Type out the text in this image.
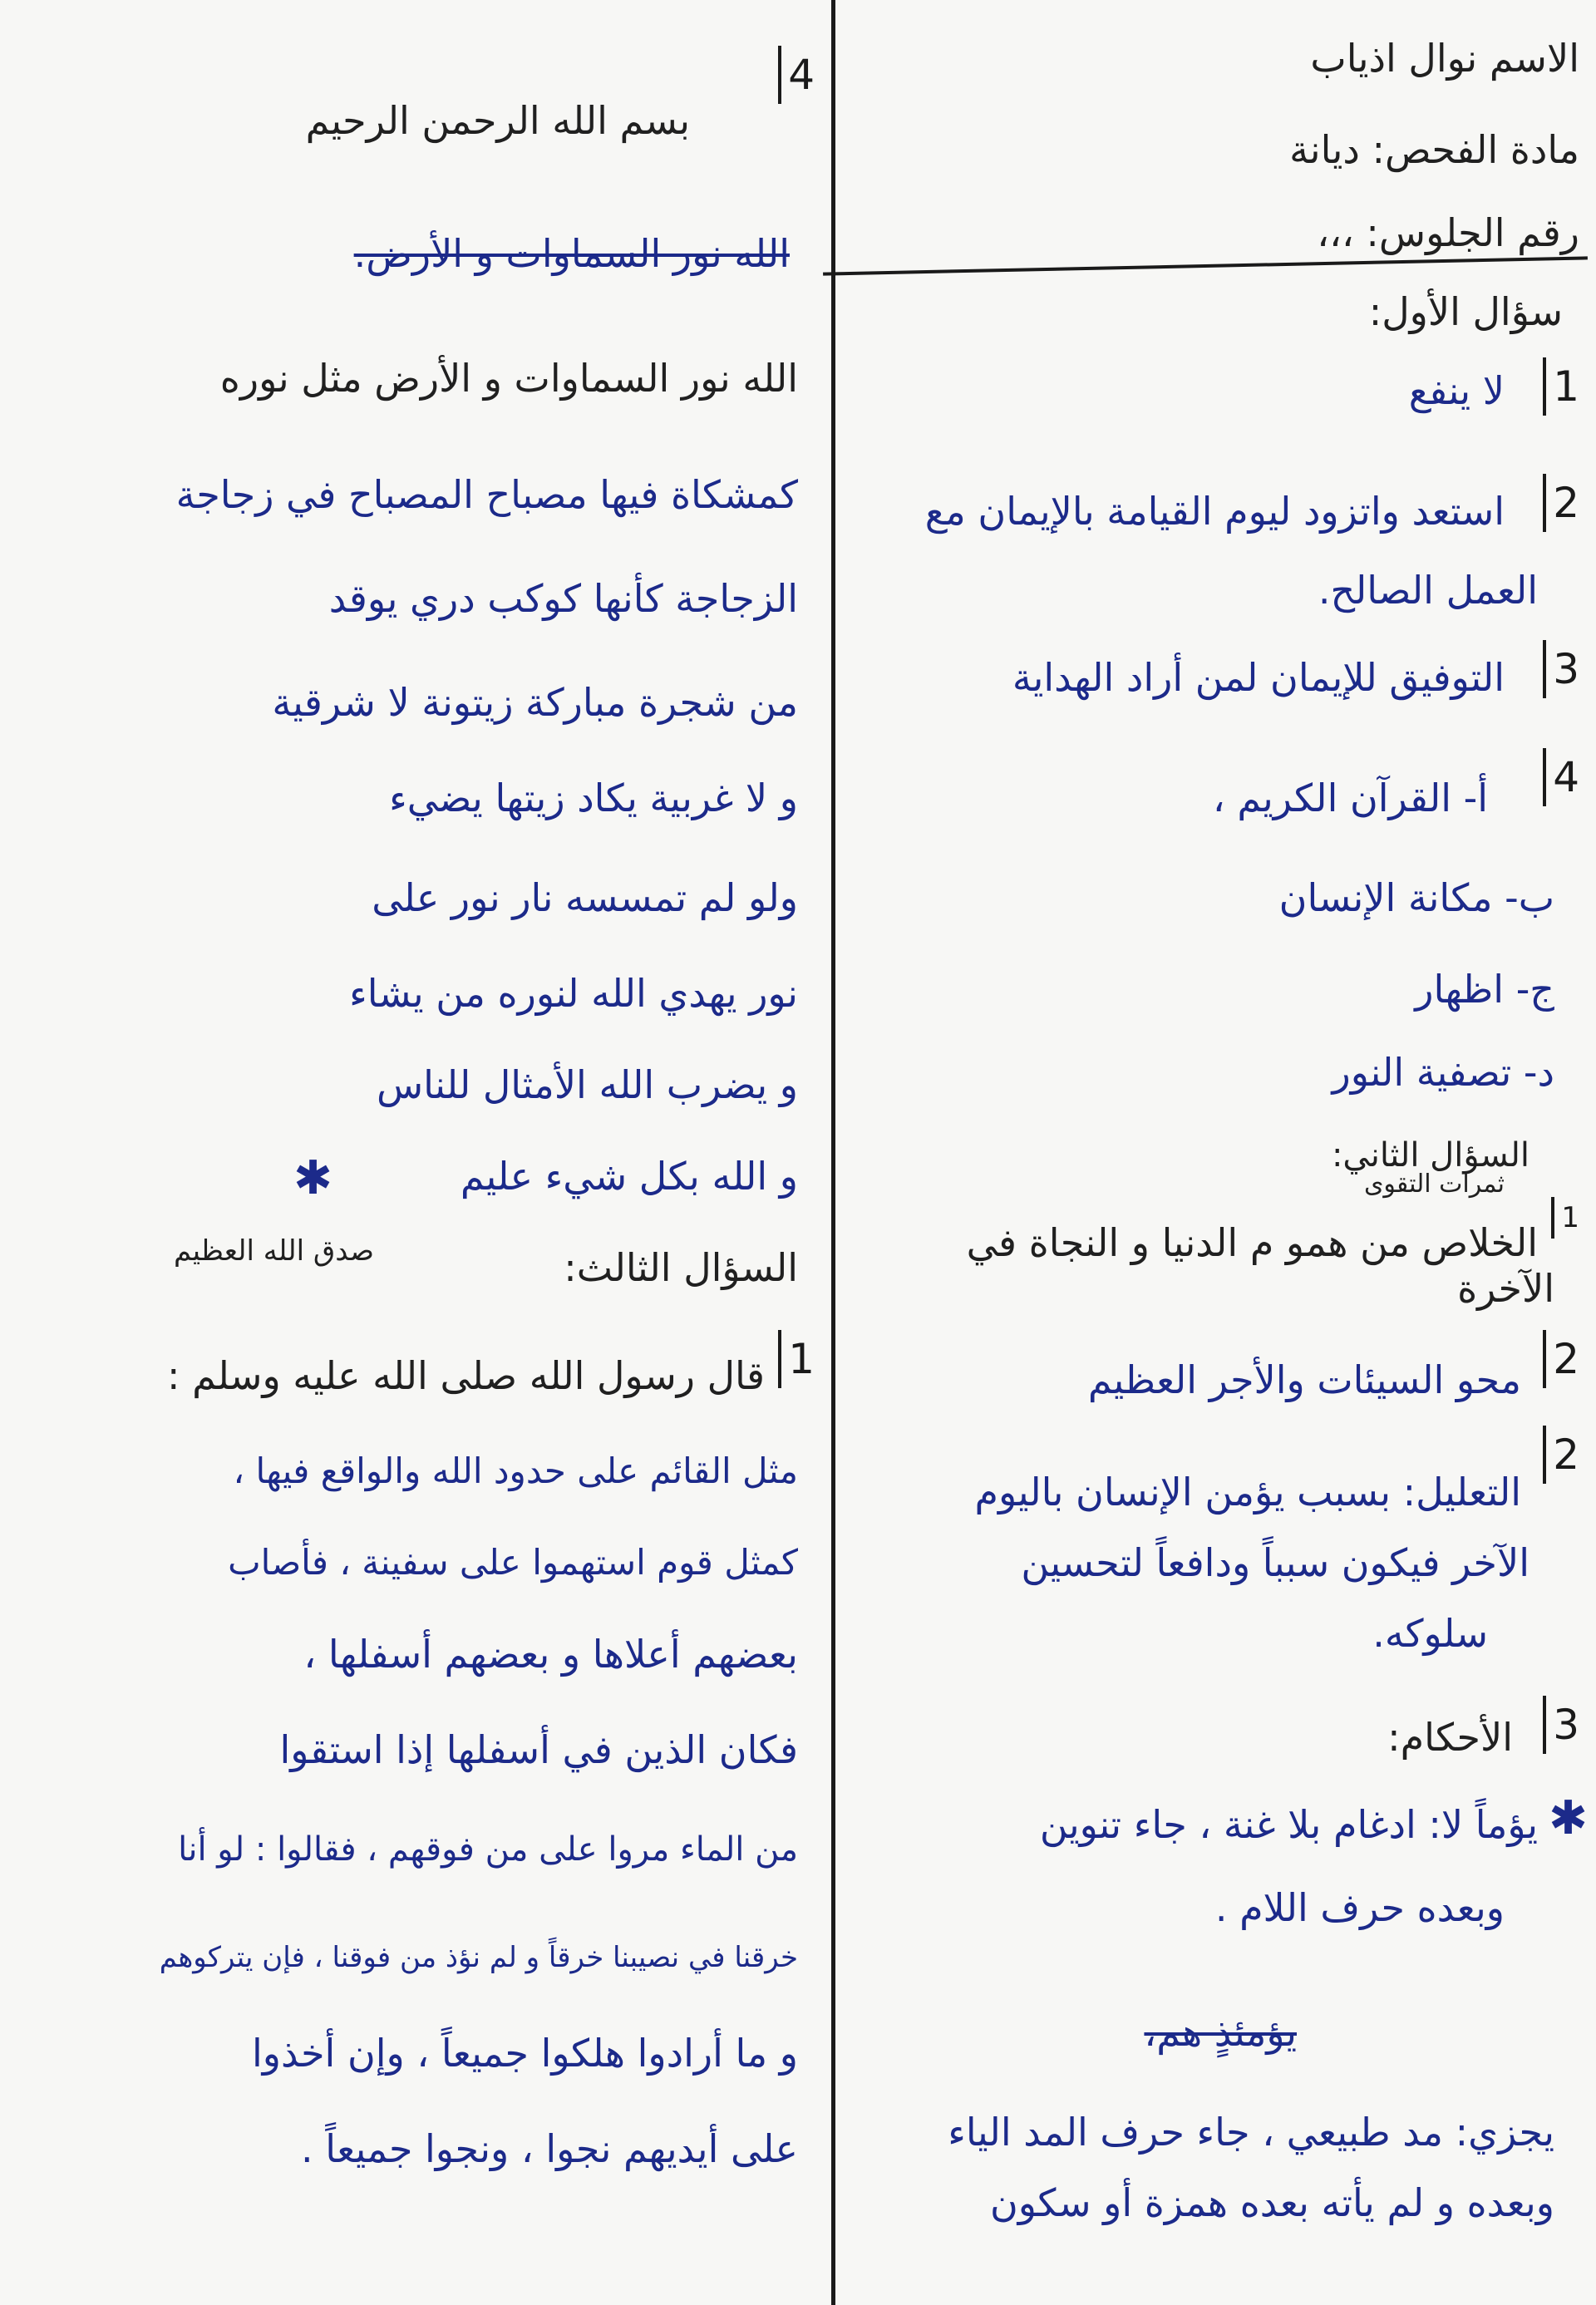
الاسم نوال اذياب
مادة الفحص: ديانة
رقم الجلوس: ،،،
سؤال الأول:
1
لا ينفع
2
استعد واتزود ليوم القيامة بالإيمان مع
العمل الصالح.
3
التوفيق للإيمان لمن أراد الهداية
4
أ- القرآن الكريم ،
ب- مكانة الإنسان
ج- اظهار
د- تصفية النور
السؤال الثاني:
ثمرات التقوى
1
الخلاص من همو م الدنيا و النجاة في
الآخرة
2
محو السيئات والأجر العظيم
2
التعليل: بسبب يؤمن الإنسان باليوم
الآخر فيكون سبباً ودافعاً لتحسين
سلوكه.
3
الأحكام:
✱
يؤماً لا: ادغام بلا غنة ، جاء تنوين
وبعده حرف اللام .
يؤمئذٍ هم،
يجزي: مد طبيعي ، جاء حرف المد الياء
وبعده و لم يأته بعده همزة أو سكون
4
بسم الله الرحمن الرحيم
الله نور السماوات و الأرض.
الله نور السماوات و الأرض مثل نوره
كمشكاة فيها مصباح المصباح في زجاجة
الزجاجة كأنها كوكب دري يوقد
من شجرة مباركة زيتونة لا شرقية
و لا غربية يكاد زيتها يضيء
ولو لم تمسسه نار نور على
نور يهدي الله لنوره من يشاء
و يضرب الله الأمثال للناس
و الله بكل شيء عليم
✱
صدق الله العظيم	السؤال الثالث:
1
قال رسول الله صلى الله عليه وسلم :
مثل القائم على حدود الله والواقع فيها ،
كمثل قوم استهموا على سفينة ، فأصاب
بعضهم أعلاها و بعضهم أسفلها ،
فكان الذين في أسفلها إذا استقوا
من الماء مروا على من فوقهم ، فقالوا : لو أنا
خرقنا في نصيبنا خرقاً و لم نؤذ من فوقنا ، فإن يتركوهم
و ما أرادوا هلكوا جميعاً ، وإن أخذوا
على أيديهم نجوا ، ونجوا جميعاً .
